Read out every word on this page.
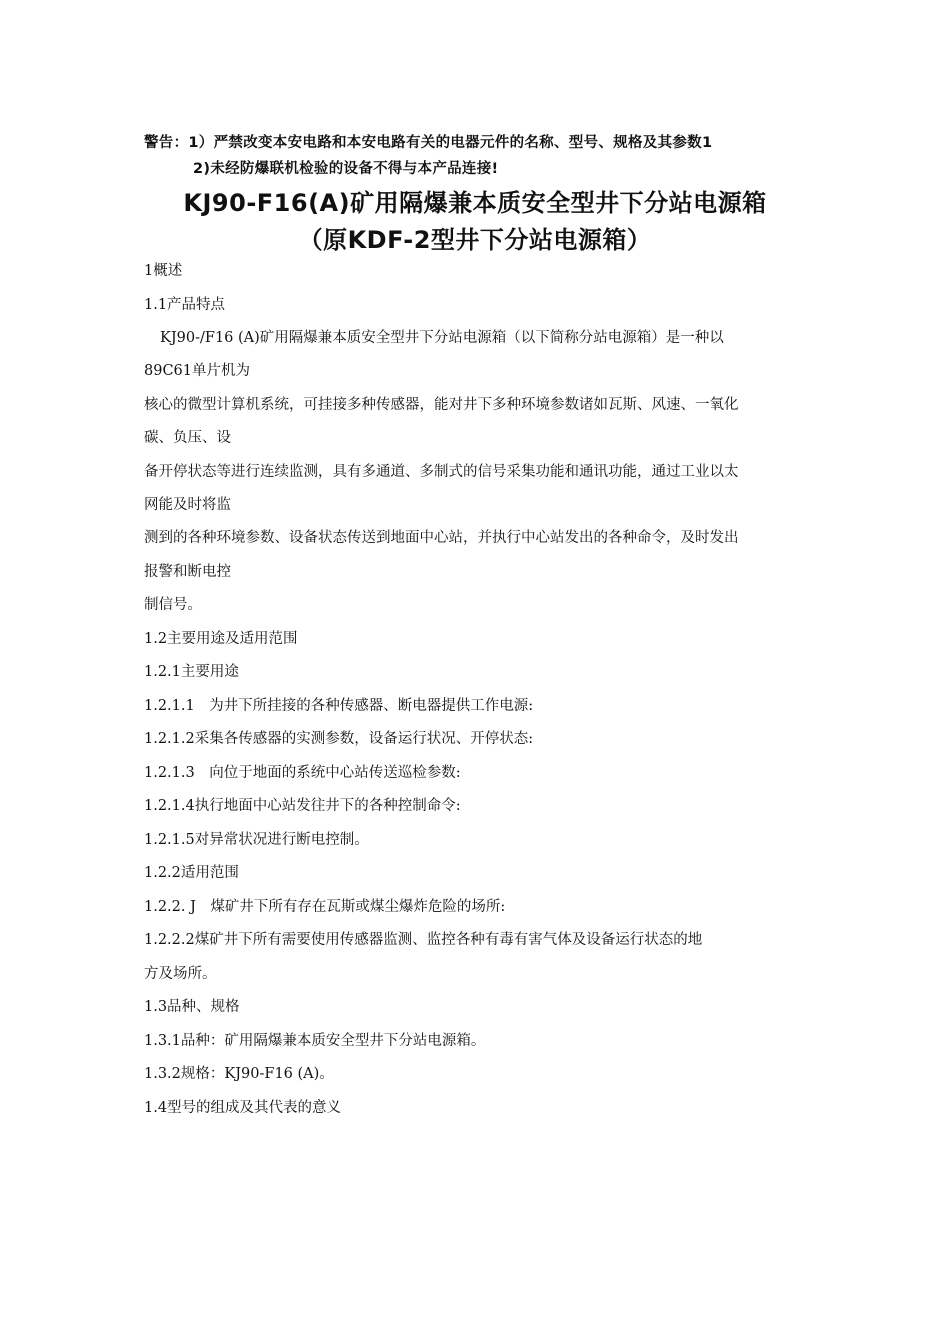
警告：1）严禁改变本安电路和本安电路有关的电器元件的名称、型号、规格及其参数1
2)未经防爆联机检验的设备不得与本产品连接!
KJ90-F16(A)矿用隔爆兼本质安全型井下分站电源箱
（原KDF-2型井下分站电源箱）
1概述
1.1产品特点
KJ90-/F16 (A)矿用隔爆兼本质安全型井下分站电源箱（以下简称分站电源箱）是一种以
89C61单片机为
核心的微型计算机系统，可挂接多种传感器，能对井下多种环境参数诸如瓦斯、风速、一氧化
碳、负压、设
备开停状态等进行连续监测，具有多通道、多制式的信号采集功能和通讯功能，通过工业以太
网能及时将监
测到的各种环境参数、设备状态传送到地面中心站，并执行中心站发出的各种命令，及时发出
报警和断电控
制信号。
1.2主要用途及适用范围
1.2.1主要用途
1.2.1.1　为井下所挂接的各种传感器、断电器提供工作电源:
1.2.1.2采集各传感器的实测参数，设备运行状况、开停状态:
1.2.1.3　向位于地面的系统中心站传送巡检参数:
1.2.1.4执行地面中心站发往井下的各种控制命令:
1.2.1.5对异常状况进行断电控制。
1.2.2适用范围
1.2.2. J　煤矿井下所有存在瓦斯或煤尘爆炸危险的场所:
1.2.2.2煤矿井下所有需要使用传感器监测、监控各种有毒有害气体及设备运行状态的地
方及场所。
1.3品种、规格
1.3.1品种：矿用隔爆兼本质安全型井下分站电源箱。
1.3.2规格：KJ90-F16 (A)。
1.4型号的组成及其代表的意义
